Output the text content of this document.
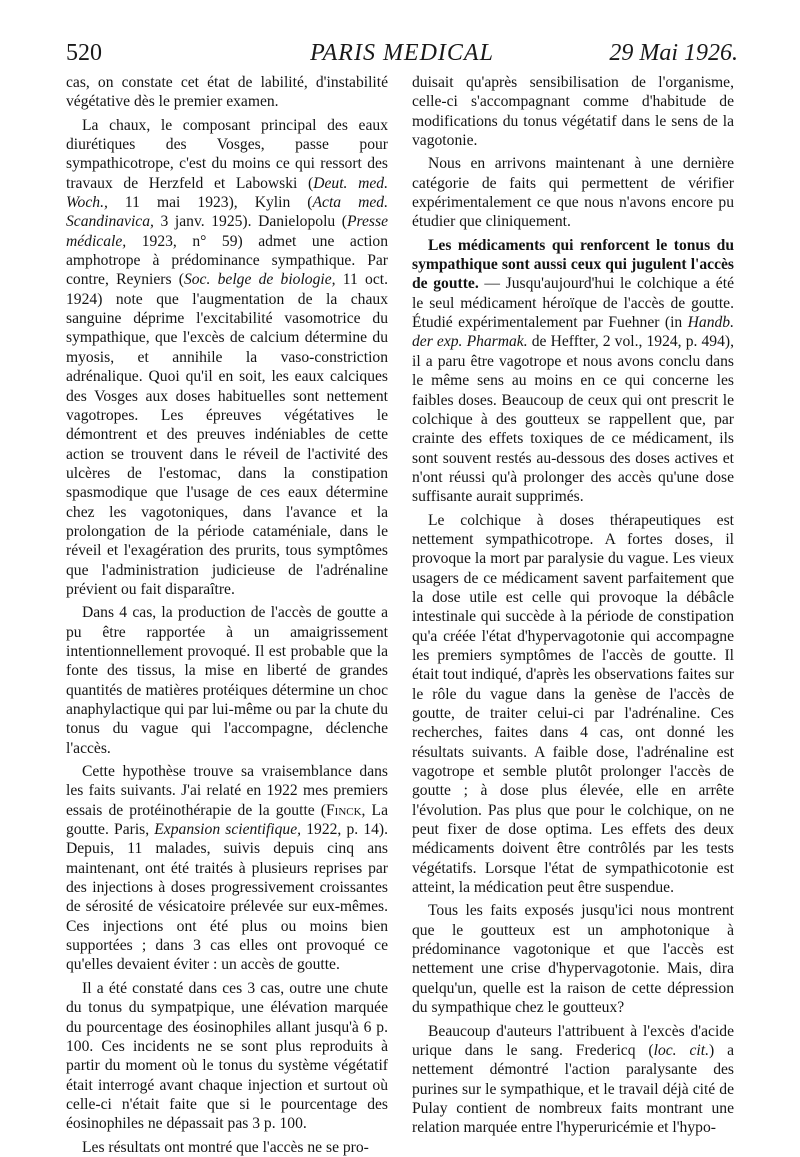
520	PARIS MEDICAL	29 Mai 1926.

cas, on constate cet état de labilité, d'instabilité végétative dès le premier examen.

La chaux, le composant principal des eaux diurétiques des Vosges, passe pour sympathicotrope, c'est du moins ce qui ressort des travaux de Herzfeld et Labowski (Deut. med. Woch., 11 mai 1923), Kylin (Acta med. Scandinavica, 3 janv. 1925). Danielopolu (Presse médicale, 1923, n° 59) admet une action amphotrope à prédominance sympathique. Par contre, Reyniers (Soc. belge de biologie, 11 oct. 1924) note que l'augmentation de la chaux sanguine déprime l'excitabilité vasomotrice du sympathique, que l'excès de calcium détermine du myosis, et annihile la vaso-constriction adrénalique. Quoi qu'il en soit, les eaux calciques des Vosges aux doses habituelles sont nettement vagotropes. Les épreuves végétatives le démontrent et des preuves indéniables de cette action se trouvent dans le réveil de l'activité des ulcères de l'estomac, dans la constipation spasmodique que l'usage de ces eaux détermine chez les vagotoniques, dans l'avance et la prolongation de la période cataméniale, dans le réveil et l'exagération des prurits, tous symptômes que l'administration judicieuse de l'adrénaline prévient ou fait disparaître.

Dans 4 cas, la production de l'accès de goutte a pu être rapportée à un amaigrissement intentionnellement provoqué. Il est probable que la fonte des tissus, la mise en liberté de grandes quantités de matières protéiques détermine un choc anaphylactique qui par lui-même ou par la chute du tonus du vague qui l'accompagne, déclenche l'accès.

Cette hypothèse trouve sa vraisemblance dans les faits suivants. J'ai relaté en 1922 mes premiers essais de protéinothérapie de la goutte (Finck, La goutte. Paris, Expansion scientifique, 1922, p. 14). Depuis, 11 malades, suivis depuis cinq ans maintenant, ont été traités à plusieurs reprises par des injections à doses progressivement croissantes de sérosité de vésicatoire prélevée sur eux-mêmes. Ces injections ont été plus ou moins bien supportées ; dans 3 cas elles ont provoqué ce qu'elles devaient éviter : un accès de goutte.

Il a été constaté dans ces 3 cas, outre une chute du tonus du sympatpique, une élévation marquée du pourcentage des éosinophiles allant jusqu'à 6 p. 100. Ces incidents ne se sont plus reproduits à partir du moment où le tonus du système végétatif était interrogé avant chaque injection et surtout où celle-ci n'était faite que si le pourcentage des éosinophiles ne dépassait pas 3 p. 100.

Les résultats ont montré que l'accès ne se pro-

duisait qu'après sensibilisation de l'organisme, celle-ci s'accompagnant comme d'habitude de modifications du tonus végétatif dans le sens de la vagotonie.

Nous en arrivons maintenant à une dernière catégorie de faits qui permettent de vérifier expérimentalement ce que nous n'avons encore pu étudier que cliniquement.

Les médicaments qui renforcent le tonus du sympathique sont aussi ceux qui jugulent l'accès de goutte. — Jusqu'aujourd'hui le colchique a été le seul médicament héroïque de l'accès de goutte. Étudié expérimentalement par Fuehner (in Handb. der exp. Pharmak. de Heffter, 2 vol., 1924, p. 494), il a paru être vagotrope et nous avons conclu dans le même sens au moins en ce qui concerne les faibles doses. Beaucoup de ceux qui ont prescrit le colchique à des goutteux se rappellent que, par crainte des effets toxiques de ce médicament, ils sont souvent restés au-dessous des doses actives et n'ont réussi qu'à prolonger des accès qu'une dose suffisante aurait supprimés.

Le colchique à doses thérapeutiques est nettement sympathicotrope. A fortes doses, il provoque la mort par paralysie du vague. Les vieux usagers de ce médicament savent parfaitement que la dose utile est celle qui provoque la débâcle intestinale qui succède à la période de constipation qu'a créée l'état d'hypervagotonie qui accompagne les premiers symptômes de l'accès de goutte. Il était tout indiqué, d'après les observations faites sur le rôle du vague dans la genèse de l'accès de goutte, de traiter celui-ci par l'adrénaline. Ces recherches, faites dans 4 cas, ont donné les résultats suivants. A faible dose, l'adrénaline est vagotrope et semble plutôt prolonger l'accès de goutte ; à dose plus élevée, elle en arrête l'évolution. Pas plus que pour le colchique, on ne peut fixer de dose optima. Les effets des deux médicaments doivent être contrôlés par les tests végétatifs. Lorsque l'état de sympathicotonie est atteint, la médication peut être suspendue.

Tous les faits exposés jusqu'ici nous montrent que le goutteux est un amphotonique à prédominance vagotonique et que l'accès est nettement une crise d'hypervagotonie. Mais, dira quelqu'un, quelle est la raison de cette dépression du sympathique chez le goutteux?

Beaucoup d'auteurs l'attribuent à l'excès d'acide urique dans le sang. Fredericq (loc. cit.) a nettement démontré l'action paralysante des purines sur le sympathique, et le travail déjà cité de Pulay contient de nombreux faits montrant une relation marquée entre l'hyperuricémie et l'hypo-
